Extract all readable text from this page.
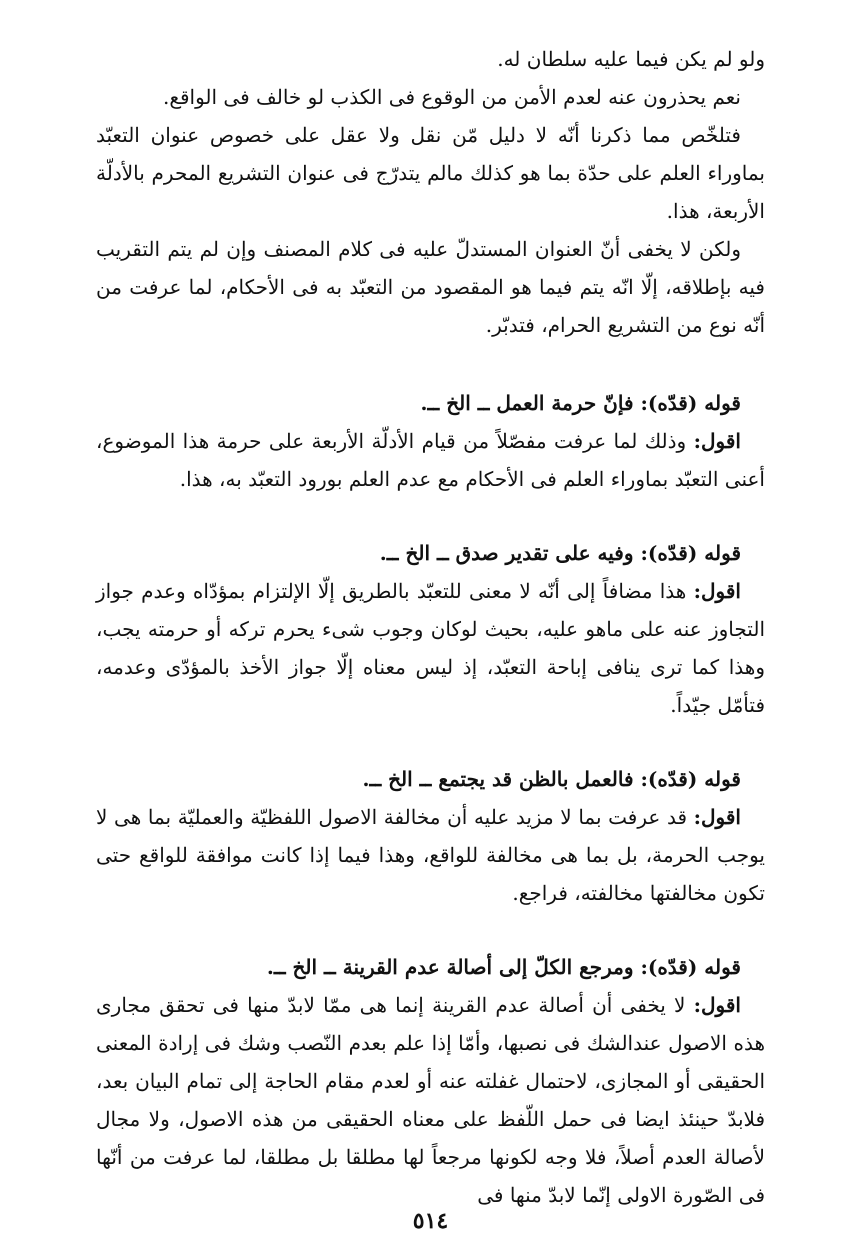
ولو لم يكن فيما عليه سلطان له.

نعم يحذرون عنه لعدم الأمن من الوقوع فى الكذب لو خالف فى الواقع.

فتلخّص مما ذكرنا أنّه لا دليل مّن نقل ولا عقل على خصوص عنوان التعبّد بماوراء العلم على حدّة بما هو كذلك مالم يتدرّج فى عنوان التشريع المحرم بالأدلّة الأربعة، هذا.

ولكن لا يخفى أنّ العنوان المستدلّ عليه فى كلام المصنف وإن لم يتم التقريب فيه بإطلاقه، إلّا انّه يتم فيما هو المقصود من التعبّد به فى الأحكام، لما عرفت من أنّه نوع من التشريع الحرام، فتدبّر.

قوله (قدّه): فإنّ حرمة العمل ــ الخ ــ.

اقول: وذلك لما عرفت مفصّلاً من قيام الأدلّة الأربعة على حرمة هذا الموضوع، أعنى التعبّد بماوراء العلم فى الأحكام مع عدم العلم بورود التعبّد به، هذا.

قوله (قدّه): وفيه على تقدير صدق ــ الخ ــ.

اقول: هذا مضافاً إلى أنّه لا معنى للتعبّد بالطريق إلّا الإلتزام بمؤدّاه وعدم جواز التجاوز عنه على ماهو عليه، بحيث لوكان وجوب شىء يحرم تركه أو حرمته يجب، وهذا كما ترى ينافى إباحة التعبّد، إذ ليس معناه إلّا جواز الأخذ بالمؤدّى وعدمه، فتأمّل جيّداً.

قوله (قدّه): فالعمل بالظن قد يجتمع ــ الخ ــ.

اقول: قد عرفت بما لا مزيد عليه أن مخالفة الاصول اللفظيّة والعمليّة بما هى لا يوجب الحرمة، بل بما هى مخالفة للواقع، وهذا فيما إذا كانت موافقة للواقع حتى تكون مخالفتها مخالفته، فراجع.

قوله (قدّه): ومرجع الكلّ إلى أصالة عدم القرينة ــ الخ ــ.

اقول: لا يخفى أن أصالة عدم القرينة إنما هى ممّا لابدّ منها فى تحقق مجارى هذه الاصول عندالشك فى نصبها، وأمّا إذا علم بعدم النّصب وشك فى إرادة المعنى الحقيقى أو المجازى، لاحتمال غفلته عنه أو لعدم مقام الحاجة إلى تمام البيان بعد، فلابدّ حينئذ ايضا فى حمل اللّفظ على معناه الحقيقى من هذه الاصول، ولا مجال لأصالة العدم أصلاً، فلا وجه لكونها مرجعاً لها مطلقا بل مطلقا، لما عرفت من أنّها فى الصّورة الاولى إنّما لابدّ منها فى

٥١٤
